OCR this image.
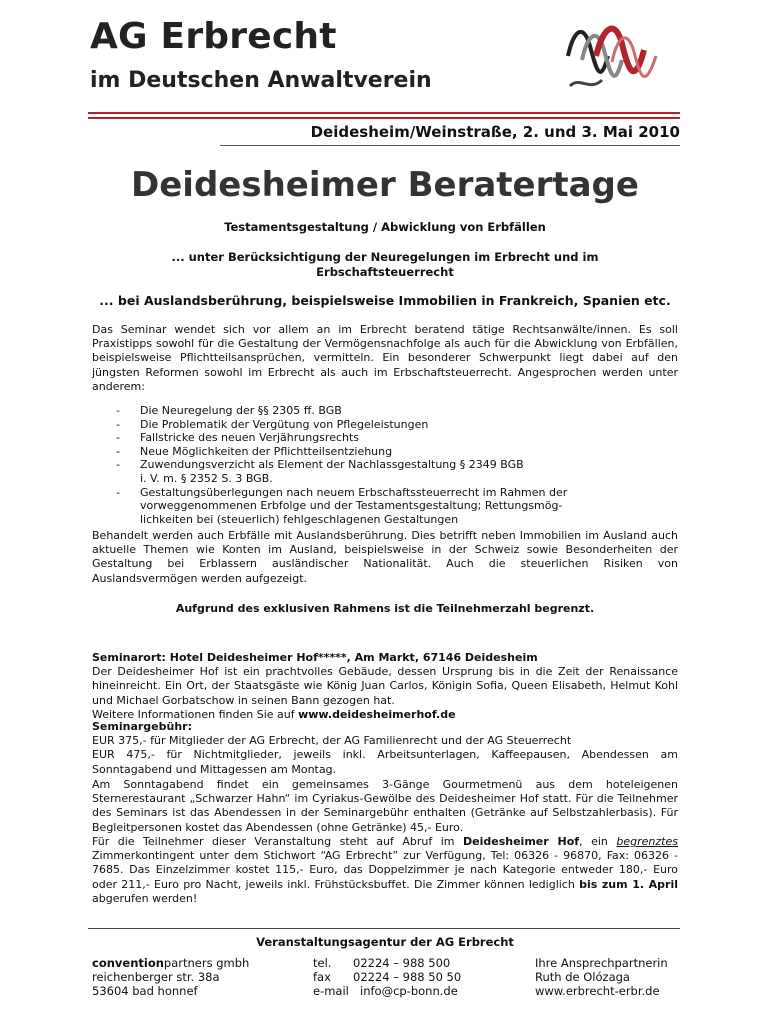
AG Erbrecht
im Deutschen Anwaltverein
Deidesheim/Weinstraße, 2. und 3. Mai 2010
Deidesheimer Beratertage
Testamentsgestaltung / Abwicklung von Erbfällen
... unter Berücksichtigung der Neuregelungen im Erbrecht und im
Erbschaftsteuerrecht
... bei Auslandsberührung, beispielsweise Immobilien in Frankreich, Spanien etc.
Das Seminar wendet sich vor allem an im Erbrecht beratend tätige Rechtsanwälte/innen. Es soll Praxistipps sowohl für die Gestaltung der Vermögensnachfolge als auch für die Abwicklung von Erbfällen, beispielsweise Pflichtteilsansprüchen, vermitteln. Ein besonderer Schwerpunkt liegt dabei auf den jüngsten Reformen sowohl im Erbrecht als auch im Erbschaftsteuerrecht. Angesprochen werden unter anderem:
- Die Neuregelung der §§ 2305 ff. BGB
- Die Problematik der Vergütung von Pflegeleistungen
- Fallstricke des neuen Verjährungsrechts
- Neue Möglichkeiten der Pflichtteilsentziehung
- Zuwendungsverzicht als Element der Nachlassgestaltung § 2349 BGB
i. V. m. § 2352 S. 3 BGB.
- Gestaltungsüberlegungen nach neuem Erbschaftssteuerrecht im Rahmen der
vorweggenommenen Erbfolge und der Testamentsgestaltung; Rettungsmög-
lichkeiten bei (steuerlich) fehlgeschlagenen Gestaltungen
Behandelt werden auch Erbfälle mit Auslandsberührung. Dies betrifft neben Immobilien im Ausland auch aktuelle Themen wie Konten im Ausland, beispielsweise in der Schweiz sowie Besonderheiten der Gestaltung bei Erblassern ausländischer Nationalität. Auch die steuerlichen Risiken von Auslandsvermögen werden aufgezeigt.
Aufgrund des exklusiven Rahmens ist die Teilnehmerzahl begrenzt.
Seminarort: Hotel Deidesheimer Hof*****, Am Markt, 67146 Deidesheim
Der Deidesheimer Hof ist ein prachtvolles Gebäude, dessen Ursprung bis in die Zeit der Renaissance hineinreicht. Ein Ort, der Staatsgäste wie König Juan Carlos, Königin Sofia, Queen Elisabeth, Helmut Kohl und Michael Gorbatschow in seinen Bann gezogen hat.
Weitere Informationen finden Sie auf www.deidesheimerhof.de
Seminargebühr:
EUR 375,- für Mitglieder der AG Erbrecht, der AG Familienrecht und der AG Steuerrecht
EUR 475,- für Nichtmitglieder, jeweils inkl. Arbeitsunterlagen, Kaffeepausen, Abendessen am Sonntagabend und Mittagessen am Montag.
Am Sonntagabend findet ein gemeinsames 3-Gänge Gourmetmenü aus dem hoteleigenen Sternerestaurant „Schwarzer Hahn“ im Cyriakus-Gewölbe des Deidesheimer Hof statt. Für die Teilnehmer des Seminars ist das Abendessen in der Seminargebühr enthalten (Getränke auf Selbstzahlerbasis). Für Begleitpersonen kostet das Abendessen (ohne Getränke) 45,- Euro.
Für die Teilnehmer dieser Veranstaltung steht auf Abruf im Deidesheimer Hof, ein begrenztes Zimmerkontingent unter dem Stichwort “AG Erbrecht” zur Verfügung, Tel: 06326 - 96870, Fax: 06326 - 7685. Das Einzelzimmer kostet 115,- Euro, das Doppelzimmer je nach Kategorie entweder 180,- Euro oder 211,- Euro pro Nacht, jeweils inkl. Frühstücksbuffet. Die Zimmer können lediglich bis zum 1. April abgerufen werden!
Veranstaltungsagentur der AG Erbrecht
conventionpartners gmbh
reichenberger str. 38a
53604 bad honnef
tel. 02224 – 988 500
fax 02224 – 988 50 50
e-mail info@cp-bonn.de
Ihre Ansprechpartnerin
Ruth de Olózaga
www.erbrecht-erbr.de
